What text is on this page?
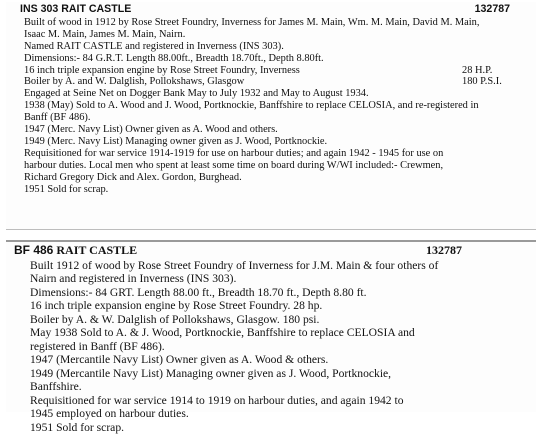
INS 303 RAIT CASTLE	132787

Built of wood in 1912 by Rose Street Foundry, Inverness for James M. Main, Wm. M. Main, David M. Main,

Isaac M. Main, James M. Main, Nairn.

Named RAIT CASTLE and registered in Inverness (INS 303).

Dimensions:- 84 G.R.T. Length 88.00ft., Breadth 18.70ft., Depth 8.80ft.

16 inch triple expansion engine by Rose Street Foundry, Inverness	28 H.P.
Boiler by A. and W. Dalglish, Pollokshaws, Glasgow	180 P.S.I.

Engaged at Seine Net on Dogger Bank May to July 1932 and May to August 1934.

1938 (May) Sold to A. Wood and J. Wood, Portknockie, Banffshire to replace CELOSIA, and re-registered in

Banff (BF 486).

1947 (Merc. Navy List) Owner given as A. Wood and others.

1949 (Merc. Navy List) Managing owner given as J. Wood, Portknockie.

Requisitioned for war service 1914-1919 for use on harbour duties; and again 1942 - 1945 for use on

harbour duties. Local men who spent at least some time on board during W/WI included:- Crewmen,

Richard Gregory Dick and Alex. Gordon, Burghead.

1951 Sold for scrap.

BF 486 RAIT CASTLE	132787

Built 1912 of wood by Rose Street Foundry of Inverness for J.M. Main & four others of

Nairn and registered in Inverness (INS 303).

Dimensions:- 84 GRT. Length 88.00 ft., Breadth 18.70 ft., Depth 8.80 ft.

16 inch triple expansion engine by Rose Street Foundry. 28 hp.

Boiler by A. & W. Dalglish of Pollokshaws, Glasgow. 180 psi.

May 1938 Sold to A. & J. Wood, Portknockie, Banffshire to replace CELOSIA and

registered in Banff (BF 486).

1947 (Mercantile Navy List) Owner given as A. Wood & others.

1949 (Mercantile Navy List) Managing owner given as J. Wood, Portknockie,

Banffshire.

Requisitioned for war service 1914 to 1919 on harbour duties, and again 1942 to

1945 employed on harbour duties.

1951 Sold for scrap.
